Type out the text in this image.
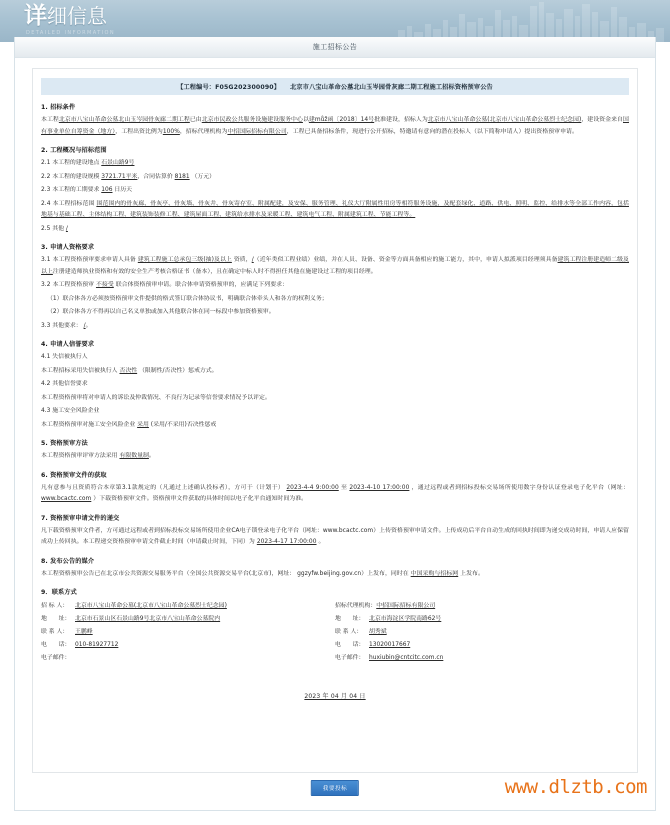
详细信息
DETAILED INFORMATION
施工招标公告
【工程编号：F05G202300090】 北京市八宝山革命公墓北山玉岑园骨灰廊二期工程施工招标资格预审公告
1. 招标条件

本工程北京市八宝山革命公墓北山玉岑园骨灰廊二期工程已由北京市民政公共服务设施建设服务中心以建můž函〔2018〕14号批准建设，招标人为北京市八宝山革命公墓(北京市八宝山革命公墓烈士纪念园)，建设资金来自国有事业单位自筹资金（地方），工程出资比例为100%，招标代理机构为中招国际招标有限公司，工程已具备招标条件，现进行公开招标，特邀请有意向的潜在投标人（以下简称申请人）提出资格预审申请。

2. 工程概况与招标范围

2.1 本工程的建设地点 石景山路9号

2.2 本工程的建设规模 3721.71平米，合同估算价 8181 （万元）

2.3 本工程的工期要求 106 日历天

2.4 本工程招标范围 围范围内的骨灰廊、骨灰亭、骨灰墙、骨灰井、骨灰寄存室、附属配建，及安保、服务管理、礼仪大厅附属性用房等相符服务设施，及配套绿化、道路、供电、照明、监控、给排水等全部工作内容，包括地基与基础工程、主体结构工程、建筑装饰装修工程、建筑屋面工程、建筑给水排水及采暖工程、建筑电气工程、附属建筑工程、节能工程等。

2.5 其他 /

3. 申请人资格要求

3.1 本工程资格预审要求申请人具备 建筑工程施工总承包三级(抽)及以上 资质，/（近年类似工程业绩）业绩，并在人员、设备、资金等方面具备相应的施工能力，其中，申请人拟派项目经理须具备建筑工程注册建造师二级及以上注册建造师执业资格和有效的安全生产考核合格证书（备本），且在确定中标人时不得担任其他在施建设过工程的项目经理。

3.2 本工程资格预审 不接受 联合体资格预审申请。联合体申请资格预审的，应满足下列要求：

（1）联合体各方必须按资格预审文件提供的格式签订联合体协议书，明确联合体牵头人和各方的权利义务；

（2）联合体各方不得再以自己名义单独或加入其他联合体在同一标段中参加资格预审。

3.3 其他要求： /。

4. 申请人信誉要求

4.1 失信被执行人

本工程招标采用失信被执行人 否决性 （限制性/否决性）惩戒方式。

4.2 其他信誉要求

本工程资格预审将对申请人的诉讼及仲裁情况、不良行为记录等信誉要求情况予以评定。

4.3 施工安全风险企业

本工程资格预审对施工安全风险企业 采用 (采用/不采用)否决性惩戒

5. 资格预审方法

本工程资格预审评审方法采用 有限数量制。

6. 资格预审文件的获取

凡有意参与且资质符合本章第3.1款规定的（凡通过上述确认投标者），方可于（计划于） 2023-4-4 9:00:00 至 2023-4-10 17:00:00 ，通过远程或者到招标投标交易场所使用数字身份认证登录电子化平台（网址： www.bcactc.com ）下载资格预审文件。资格预审文件获取的具体时间以电子化平台通知时间为准。

7. 资格预审申请文件的递交

凡下载资格预审文件者，方可通过远程或者到招标投标交易场所使用企业CA电子锁登录电子化平台（网址：www.bcactc.com）上传资格预审申请文件。上传成功后平台自动生成的回执时间即为递交成功时间，申请人应保留成功上传回执。本工程递交资格预审申请文件截止时间（申请截止时间，下同）为 2023-4-17 17:00:00 。

8. 发布公告的媒介

本工程资格预审公告已在北京市公共资源交易服务平台（全国公共资源交易平台(北京市)，网址： ggzyfw.beijing.gov.cn）上发布，同时在 中国采购与招标网 上发布。

9．联系方式
招 标 人： 北京市八宝山革命公墓(北京市八宝山革命公墓烈士纪念园)
地　　址： 北京市石景山区石景山路9号北京市八宝山革命公墓院内
联 系 人： 王鹏峰
电　　话： 010-81927712
电子邮件：
招标代理机构：中招国际招标有限公司
地　　址： 北京市海淀区学院南路62号
联 系 人： 胡秀斌
电　　话： 13020017667
电子邮件： huxiubin@cntcitc.com.cn
2023 年 04 月 04 日
我要投标	www.dlztb.com
